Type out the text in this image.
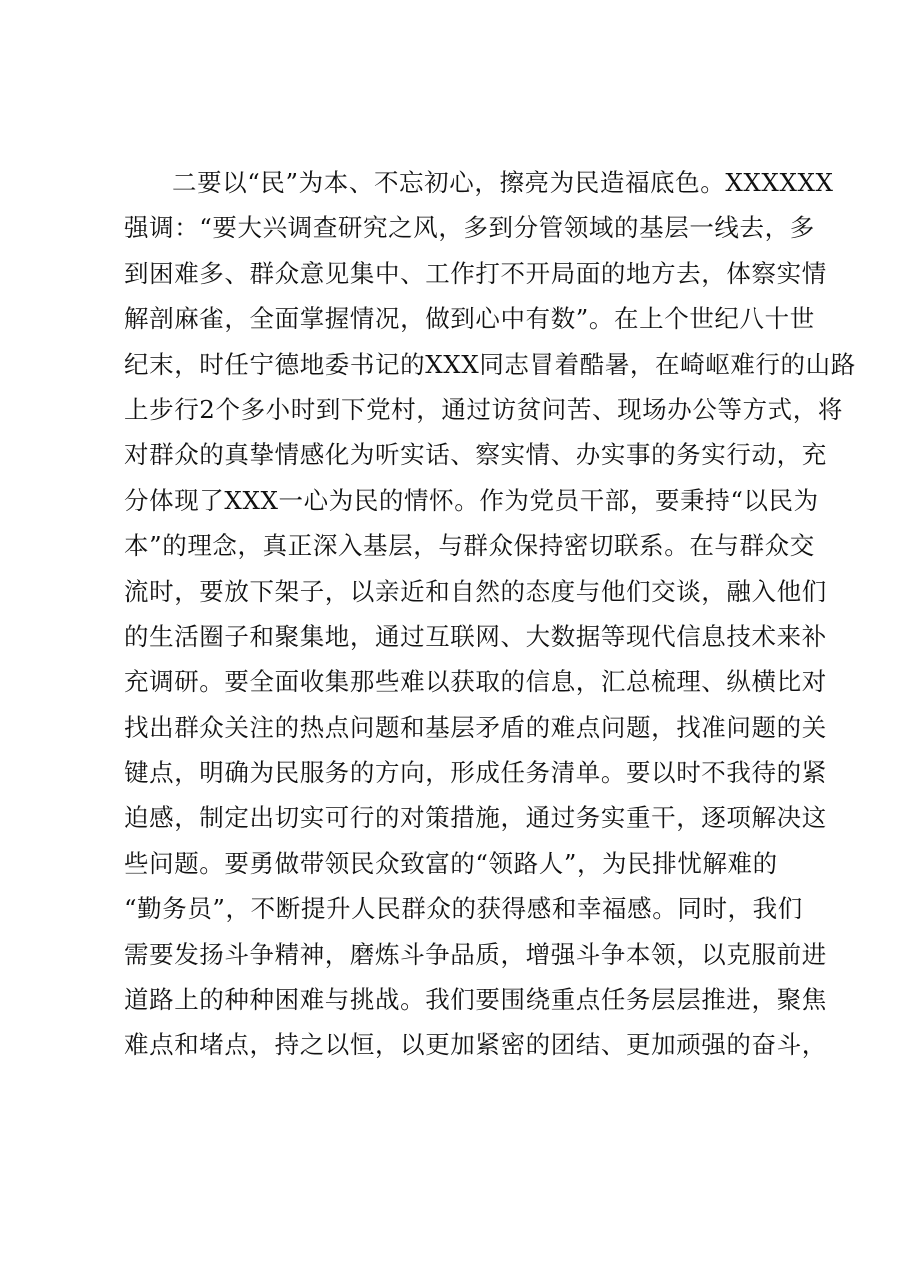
二要以“民”为本、不忘初心，擦亮为民造福底色。XXXXXX
强调：“要大兴调查研究之风，多到分管领域的基层一线去，多
到困难多、群众意见集中、工作打不开局面的地方去，体察实情
解剖麻雀，全面掌握情况，做到心中有数”。在上个世纪八十世
纪末，时任宁德地委书记的XXX同志冒着酷暑，在崎岖难行的山路
上步行2个多小时到下党村，通过访贫问苦、现场办公等方式，将
对群众的真挚情感化为听实话、察实情、办实事的务实行动，充
分体现了XXX一心为民的情怀。作为党员干部，要秉持“以民为
本”的理念，真正深入基层，与群众保持密切联系。在与群众交
流时，要放下架子，以亲近和自然的态度与他们交谈，融入他们
的生活圈子和聚集地，通过互联网、大数据等现代信息技术来补
充调研。要全面收集那些难以获取的信息，汇总梳理、纵横比对
找出群众关注的热点问题和基层矛盾的难点问题，找准问题的关
键点，明确为民服务的方向，形成任务清单。要以时不我待的紧
迫感，制定出切实可行的对策措施，通过务实重干，逐项解决这
些问题。要勇做带领民众致富的“领路人”，为民排忧解难的
“勤务员”，不断提升人民群众的获得感和幸福感。同时，我们
需要发扬斗争精神，磨炼斗争品质，增强斗争本领，以克服前进
道路上的种种困难与挑战。我们要围绕重点任务层层推进，聚焦
难点和堵点，持之以恒，以更加紧密的团结、更加顽强的奋斗，
